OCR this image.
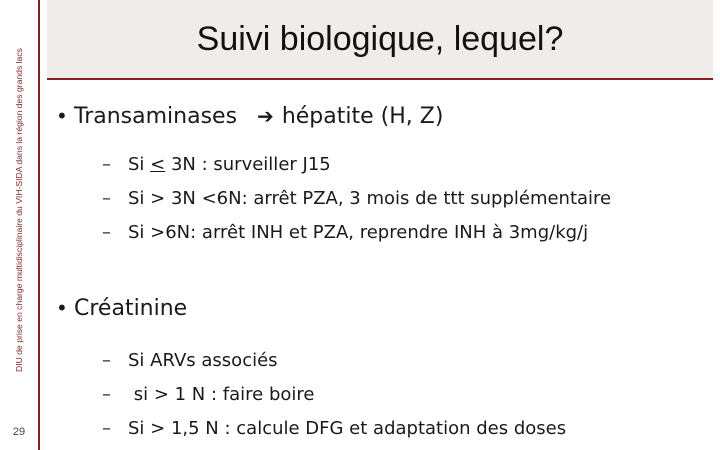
DIU de prise en charge multidisciplinaire du VIH-SIDA dans la région des grands lacs
29
Suivi biologique, lequel?
• Transaminases ➔ hépatite (H, Z)
– Si < 3N : surveiller J15
– Si > 3N <6N: arrêt PZA, 3 mois de ttt supplémentaire
– Si >6N: arrêt INH et PZA, reprendre INH à 3mg/kg/j
• Créatinine
– Si ARVs associés
– si > 1 N : faire boire
– Si > 1,5 N : calcule DFG et adaptation des doses
